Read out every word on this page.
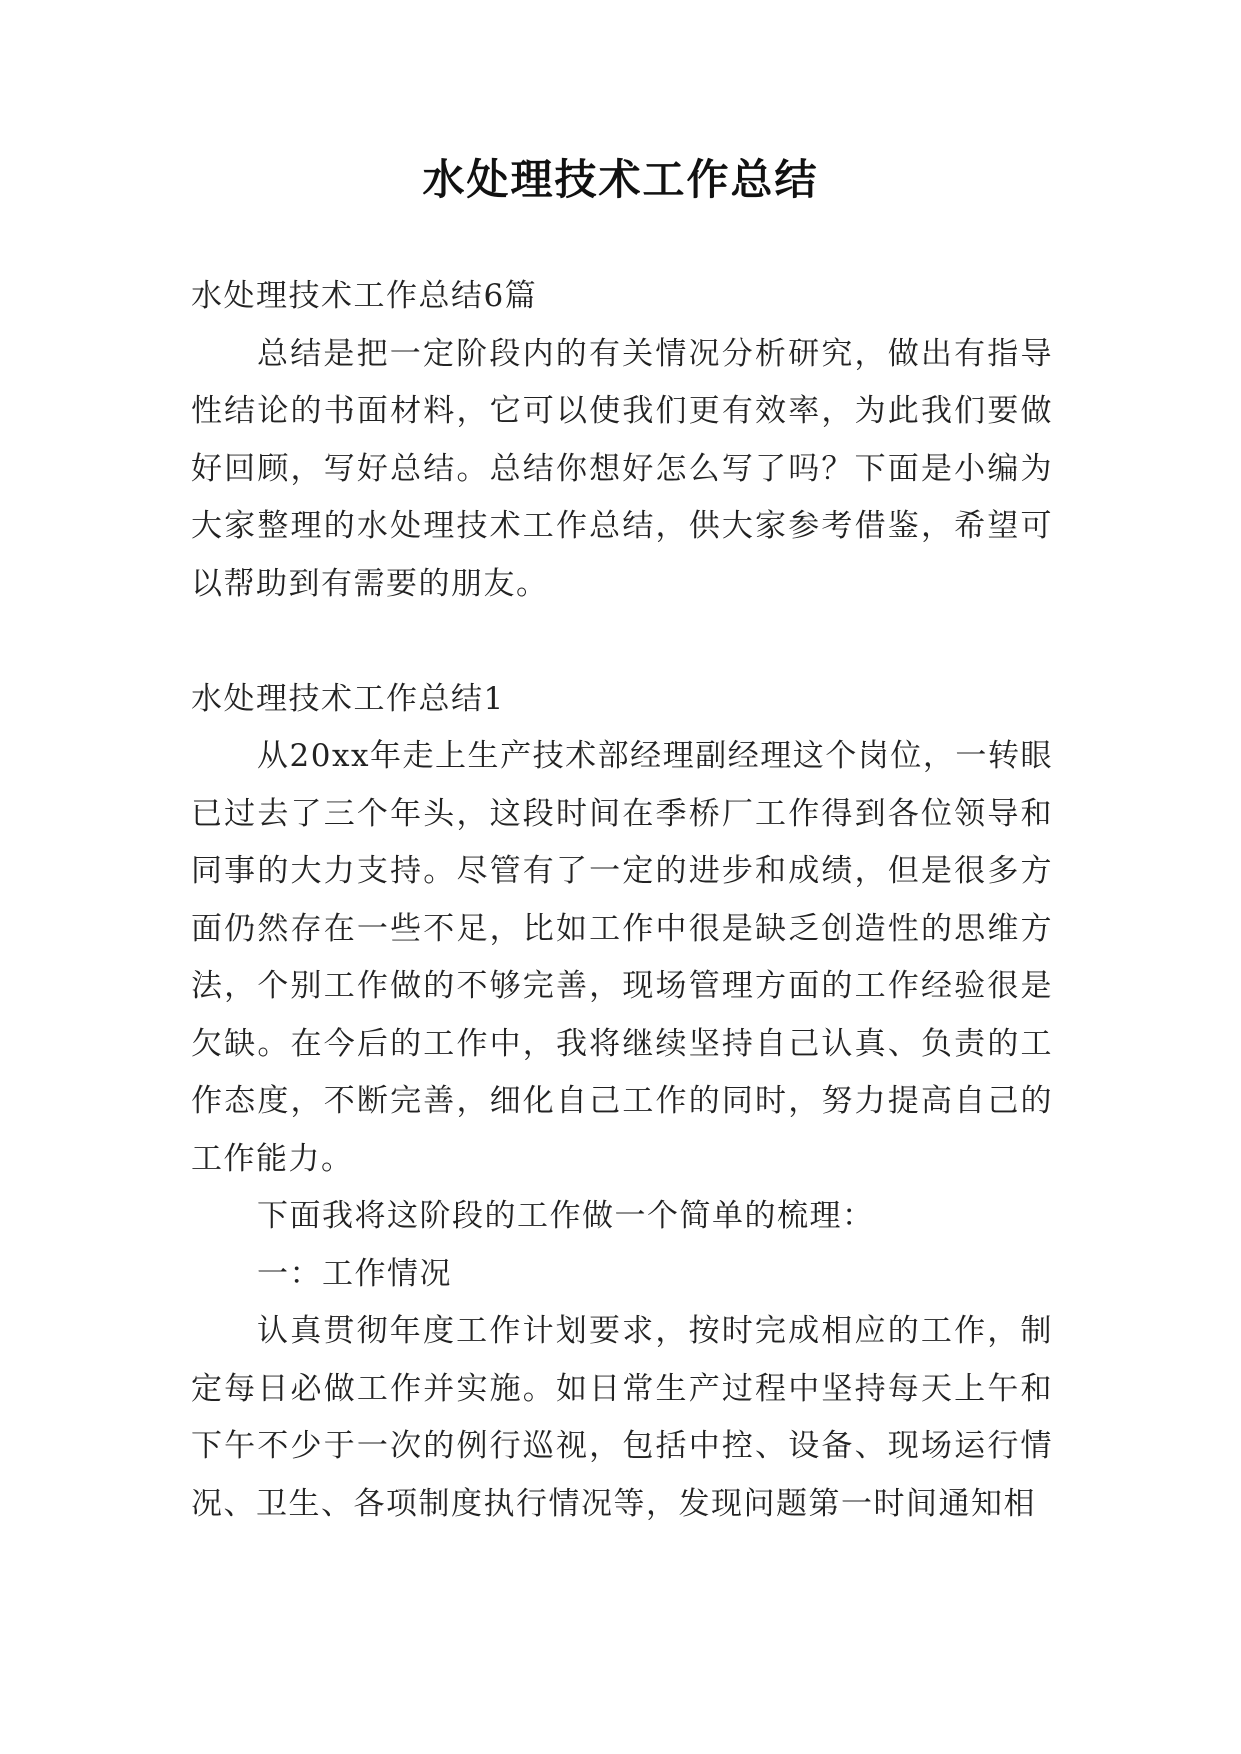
水处理技术工作总结

水处理技术工作总结6篇

总结是把一定阶段内的有关情况分析研究，做出有指导性结论的书面材料，它可以使我们更有效率，为此我们要做好回顾，写好总结。总结你想好怎么写了吗？下面是小编为大家整理的水处理技术工作总结，供大家参考借鉴，希望可以帮助到有需要的朋友。

水处理技术工作总结1

从20xx年走上生产技术部经理副经理这个岗位，一转眼已过去了三个年头，这段时间在季桥厂工作得到各位领导和同事的大力支持。尽管有了一定的进步和成绩，但是很多方面仍然存在一些不足，比如工作中很是缺乏创造性的思维方法，个别工作做的不够完善，现场管理方面的工作经验很是欠缺。在今后的工作中，我将继续坚持自己认真、负责的工作态度，不断完善，细化自己工作的同时，努力提高自己的工作能力。

下面我将这阶段的工作做一个简单的梳理：

一：工作情况

认真贯彻年度工作计划要求，按时完成相应的工作，制定每日必做工作并实施。如日常生产过程中坚持每天上午和下午不少于一次的例行巡视，包括中控、设备、现场运行情况、卫生、各项制度执行情况等，发现问题第一时间通知相
